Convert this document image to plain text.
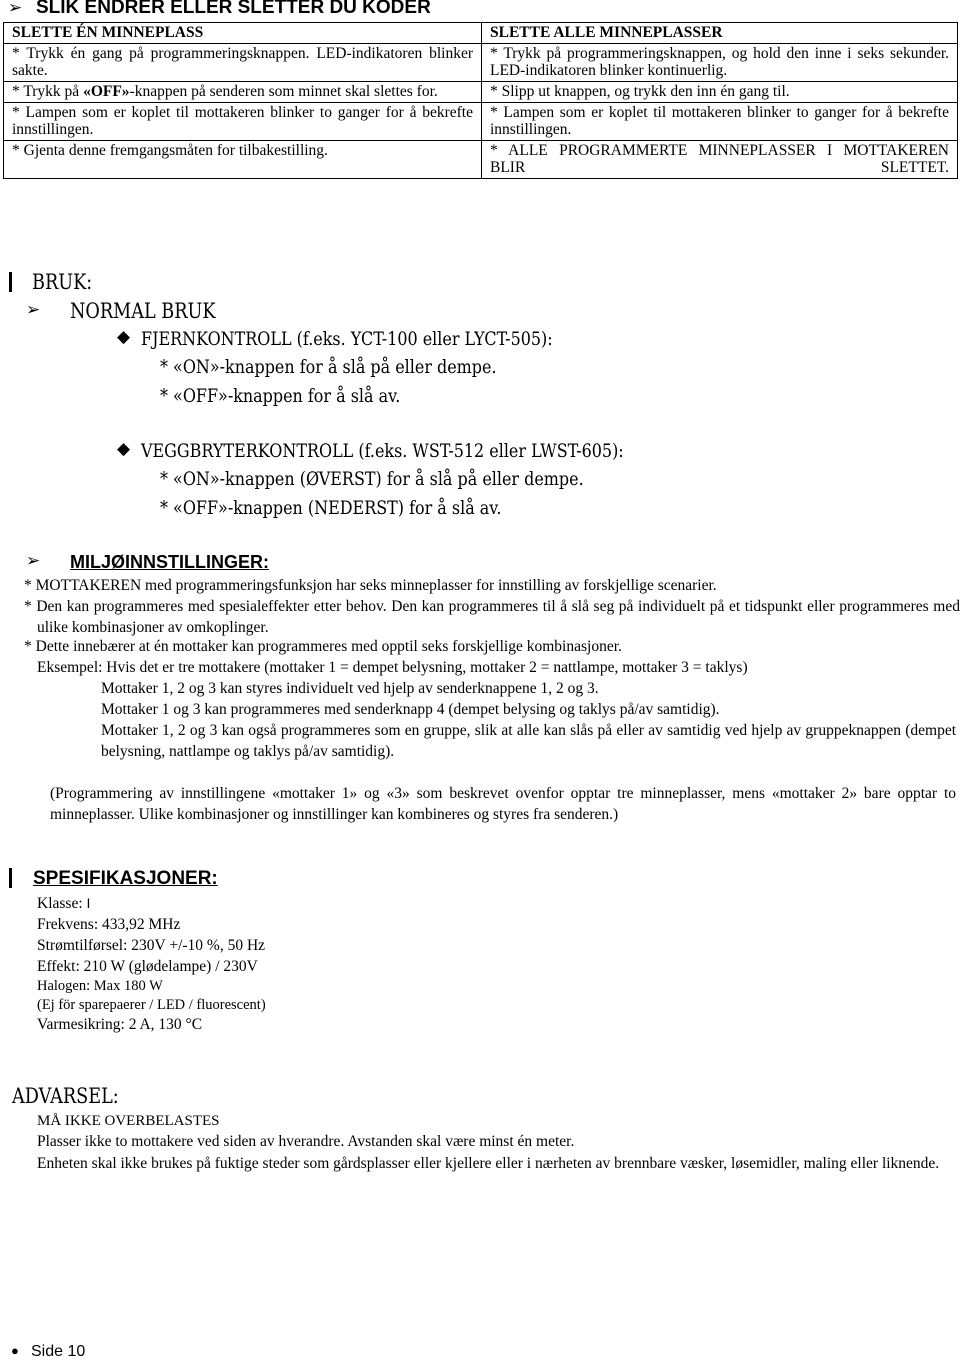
➢ SLIK ENDRER ELLER SLETTER DU KODER
SLETTE ÉN MINNEPLASS	SLETTE ALLE MINNEPLASSER
* Trykk én gang på programmeringsknappen. LED-indikatoren blinker sakte.	* Trykk på programmeringsknappen, og hold den inne i seks sekunder. LED-indikatoren blinker kontinuerlig.
* Trykk på «OFF»-knappen på senderen som minnet skal slettes for.	* Slipp ut knappen, og trykk den inn én gang til.
* Lampen som er koplet til mottakeren blinker to ganger for å bekrefte innstillingen.	* Lampen som er koplet til mottakeren blinker to ganger for å bekrefte innstillingen.
* Gjenta denne fremgangsmåten for tilbakestilling.	* ALLE PROGRAMMERTE MINNEPLASSER I MOTTAKEREN BLIR SLETTET.
BRUK:
➢ NORMAL BRUK
◆ FJERNKONTROLL (f.eks. YCT-100 eller LYCT-505):
* «ON»-knappen for å slå på eller dempe.
* «OFF»-knappen for å slå av.
◆ VEGGBRYTERKONTROLL (f.eks. WST-512 eller LWST-605):
* «ON»-knappen (ØVERST) for å slå på eller dempe.
* «OFF»-knappen (NEDERST) for å slå av.
➢ MILJØINNSTILLINGER:
* MOTTAKEREN med programmeringsfunksjon har seks minneplasser for innstilling av forskjellige scenarier.
* Den kan programmeres med spesialeffekter etter behov. Den kan programmeres til å slå seg på individuelt på et tidspunkt eller programmeres med ulike kombinasjoner av omkoplinger.
* Dette innebærer at én mottaker kan programmeres med opptil seks forskjellige kombinasjoner.
Eksempel: Hvis det er tre mottakere (mottaker 1 = dempet belysning, mottaker 2 = nattlampe, mottaker 3 = taklys)
Mottaker 1, 2 og 3 kan styres individuelt ved hjelp av senderknappene 1, 2 og 3.
Mottaker 1 og 3 kan programmeres med senderknapp 4 (dempet belysing og taklys på/av samtidig).
Mottaker 1, 2 og 3 kan også programmeres som en gruppe, slik at alle kan slås på eller av samtidig ved hjelp av gruppeknappen (dempet belysning, nattlampe og taklys på/av samtidig).
(Programmering av innstillingene «mottaker 1» og «3» som beskrevet ovenfor opptar tre minneplasser, mens «mottaker 2» bare opptar to minneplasser. Ulike kombinasjoner og innstillinger kan kombineres og styres fra senderen.)
SPESIFIKASJONER:
Klasse: I
Frekvens: 433,92 MHz
Strømtilførsel: 230V +/-10 %, 50 Hz
Effekt: 210 W (glødelampe) / 230V
Halogen: Max 180 W
(Ej för sparepaerer / LED / fluorescent)
Varmesikring: 2 A, 130 °C
ADVARSEL:
MÅ IKKE OVERBELASTES
Plasser ikke to mottakere ved siden av hverandre. Avstanden skal være minst én meter.
Enheten skal ikke brukes på fuktige steder som gårdsplasser eller kjellere eller i nærheten av brennbare væsker, løsemidler, maling eller liknende.
● Side 10
